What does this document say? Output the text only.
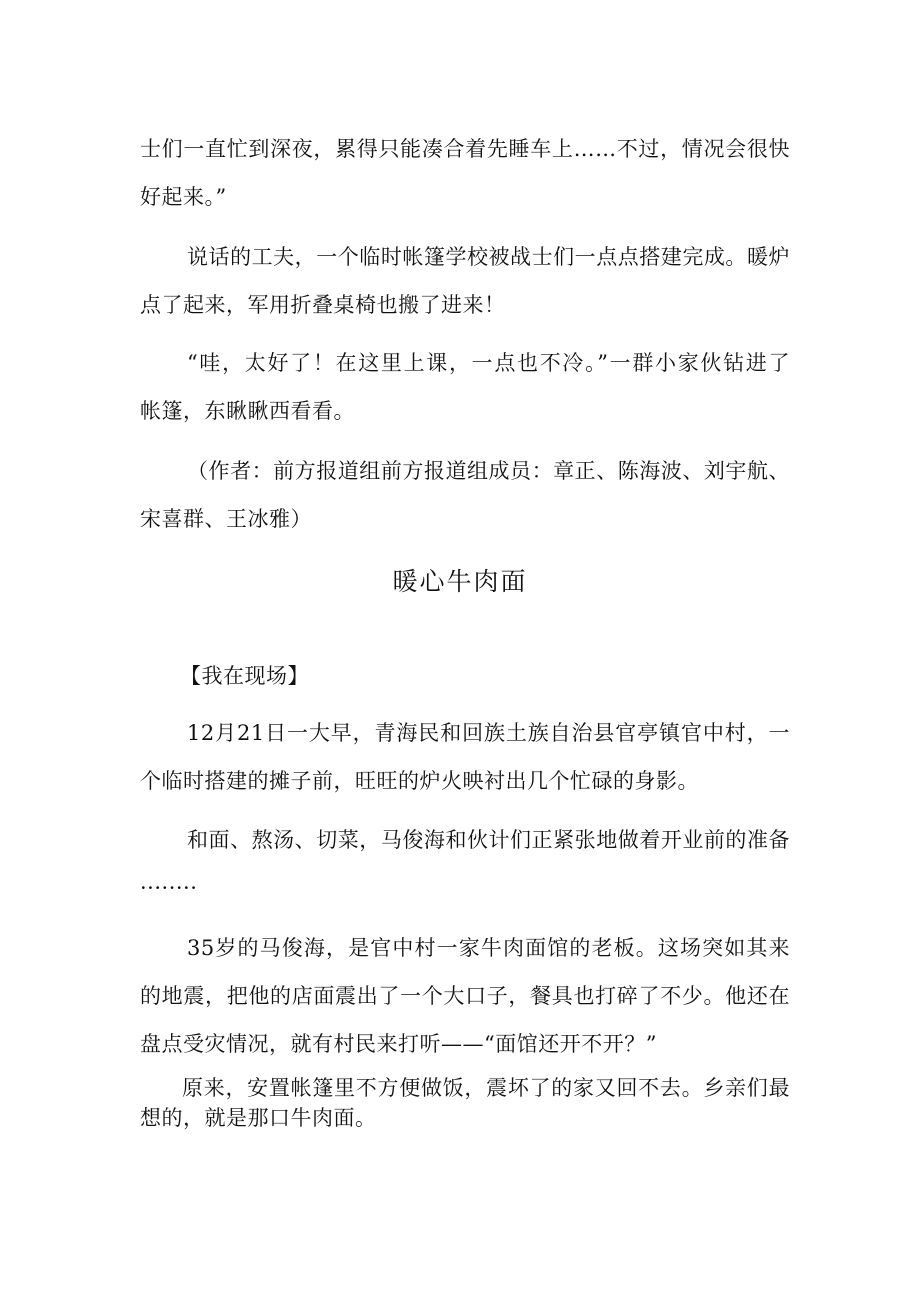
士们一直忙到深夜，累得只能凑合着先睡车上……不过，情况会很快
好起来。”
说话的工夫，一个临时帐篷学校被战士们一点点搭建完成。暖炉
点了起来，军用折叠桌椅也搬了进来！
“哇，太好了！在这里上课，一点也不冷。”一群小家伙钻进了
帐篷，东瞅瞅西看看。
（作者：前方报道组前方报道组成员：章正、陈海波、刘宇航、
宋喜群、王冰雅）
暖心牛肉面
【我在现场】
12月21日一大早，青海民和回族土族自治县官亭镇官中村，一
个临时搭建的摊子前，旺旺的炉火映衬出几个忙碌的身影。
和面、熬汤、切菜，马俊海和伙计们正紧张地做着开业前的准备
········
35岁的马俊海，是官中村一家牛肉面馆的老板。这场突如其来
的地震，把他的店面震出了一个大口子，餐具也打碎了不少。他还在
盘点受灾情况，就有村民来打听——“面馆还开不开？”
原来，安置帐篷里不方便做饭，震坏了的家又回不去。乡亲们最
想的，就是那口牛肉面。
